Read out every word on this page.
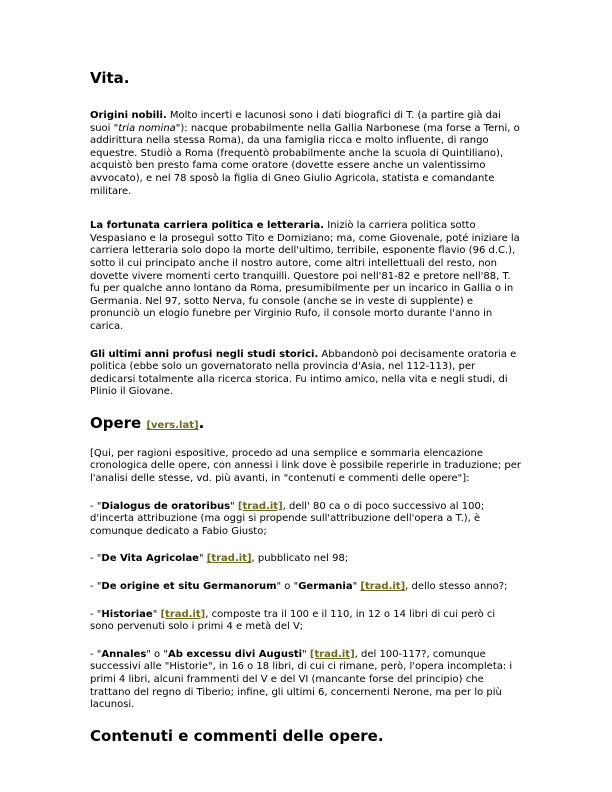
Vita.

Origini nobili. Molto incerti e lacunosi sono i dati biografici di T. (a partire già dai suoi "tria nomina"): nacque probabilmente nella Gallia Narbonese (ma forse a Terni, o addirittura nella stessa Roma), da una famiglia ricca e molto influente, di rango equestre. Studiò a Roma (frequentò probabilmente anche la scuola di Quintiliano), acquistò ben presto fama come oratore (dovette essere anche un valentissimo avvocato), e nel 78 sposò la figlia di Gneo Giulio Agricola, statista e comandante militare.

La fortunata carriera politica e letteraria. Iniziò la carriera politica sotto Vespasiano e la proseguì sotto Tito e Domiziano; ma, come Giovenale, poté iniziare la carriera letteraria solo dopo la morte dell'ultimo, terribile, esponente flavio (96 d.C.), sotto il cui principato anche il nostro autore, come altri intellettuali del resto, non dovette vivere momenti certo tranquilli. Questore poi nell'81-82 e pretore nell'88, T. fu per qualche anno lontano da Roma, presumibilmente per un incarico in Gallia o in Germania. Nel 97, sotto Nerva, fu console (anche se in veste di supplente) e pronunciò un elogio funebre per Virginio Rufo, il console morto durante l'anno in carica.

Gli ultimi anni profusi negli studi storici. Abbandonò poi decisamente oratoria e politica (ebbe solo un governatorato nella provincia d'Asia, nel 112-113), per dedicarsi totalmente alla ricerca storica. Fu intimo amico, nella vita e negli studi, di Plinio il Giovane.

Opere [vers.lat].

[Qui, per ragioni espositive, procedo ad una semplice e sommaria elencazione cronologica delle opere, con annessi i link dove è possibile reperirle in traduzione; per l'analisi delle stesse, vd. più avanti, in "contenuti e commenti delle opere"]:

- "Dialogus de oratoribus" [trad.it], dell' 80 ca o di poco successivo al 100; d'incerta attribuzione (ma oggi si propende sull'attribuzione dell'opera a T.), è comunque dedicato a Fabio Giusto;

- "De Vita Agricolae" [trad.it], pubblicato nel 98;

- "De origine et situ Germanorum" o "Germania" [trad.it], dello stesso anno?;

- "Historiae" [trad.it], composte tra il 100 e il 110, in 12 o 14 libri di cui però ci sono pervenuti solo i primi 4 e metà del V;

- "Annales" o "Ab excessu divi Augusti" [trad.it], del 100-117?, comunque successivi alle "Historie", in 16 o 18 libri, di cui ci rimane, però, l'opera incompleta: i primi 4 libri, alcuni frammenti del V e del VI (mancante forse del principio) che trattano del regno di Tiberio; infine, gli ultimi 6, concernenti Nerone, ma per lo più lacunosi.

Contenuti e commenti delle opere.
